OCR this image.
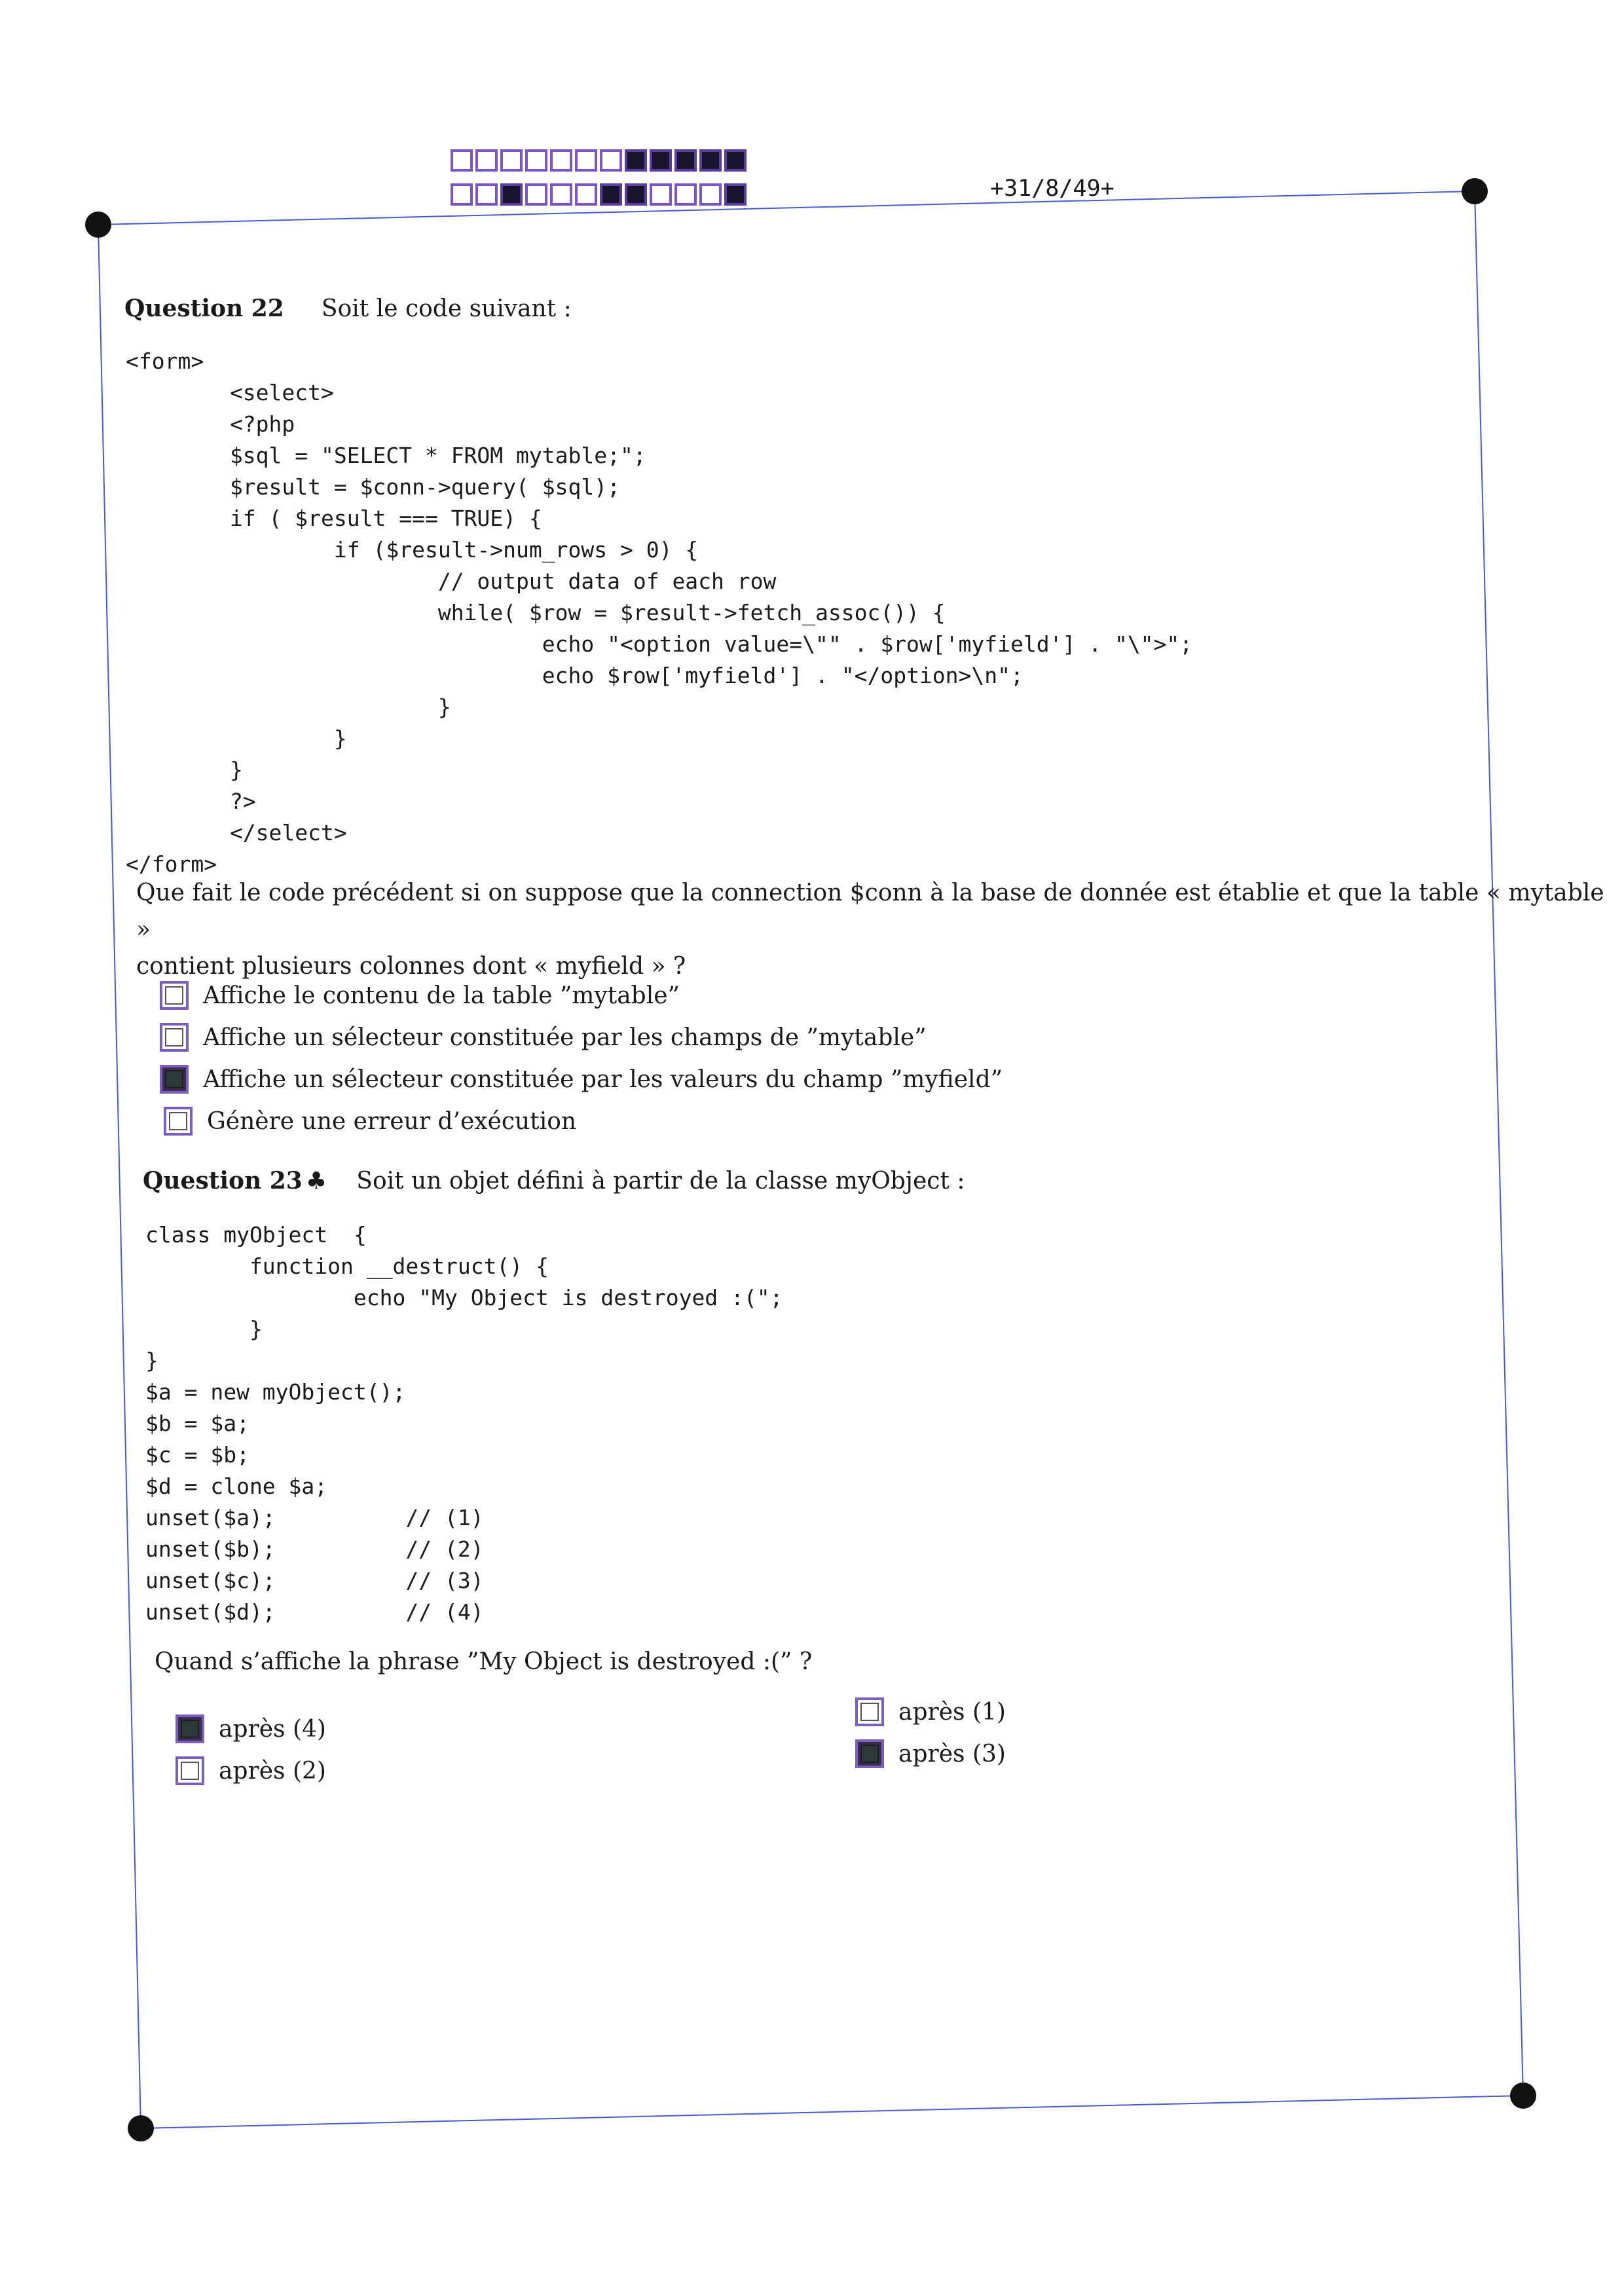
+31/8/49+
Question 22 Soit le code suivant :
<form>
<select>
<?php
$sql = "SELECT * FROM mytable;";
$result = $conn->query( $sql);
if ( $result === TRUE) {
if ($result->num_rows > 0) {
// output data of each row
while( $row = $result->fetch_assoc()) {
echo "<option value=\"" . $row['myfield'] . "\">";
echo $row['myfield'] . "</option>\n";
}
}
}
?>
</select>
</form>
Que fait le code précédent si on suppose que la connection $conn à la base de donnée est établie et que la table « mytable »
contient plusieurs colonnes dont « myfield » ?
Affiche le contenu de la table ”mytable”
Affiche un sélecteur constituée par les champs de ”mytable”
Affiche un sélecteur constituée par les valeurs du champ ”myfield”
Génère une erreur d’exécution
Question 23 ♣ Soit un objet défini à partir de la classe myObject :
class myObject  {
function __destruct() {
echo "My Object is destroyed :(";
}
}
$a = new myObject();
$b = $a;
$c = $b;
$d = clone $a;
unset($a);          // (1)
unset($b);          // (2)
unset($c);          // (3)
unset($d);          // (4)
Quand s’affiche la phrase ”My Object is destroyed :(” ?
après (4)
après (2)
après (1)
après (3)
